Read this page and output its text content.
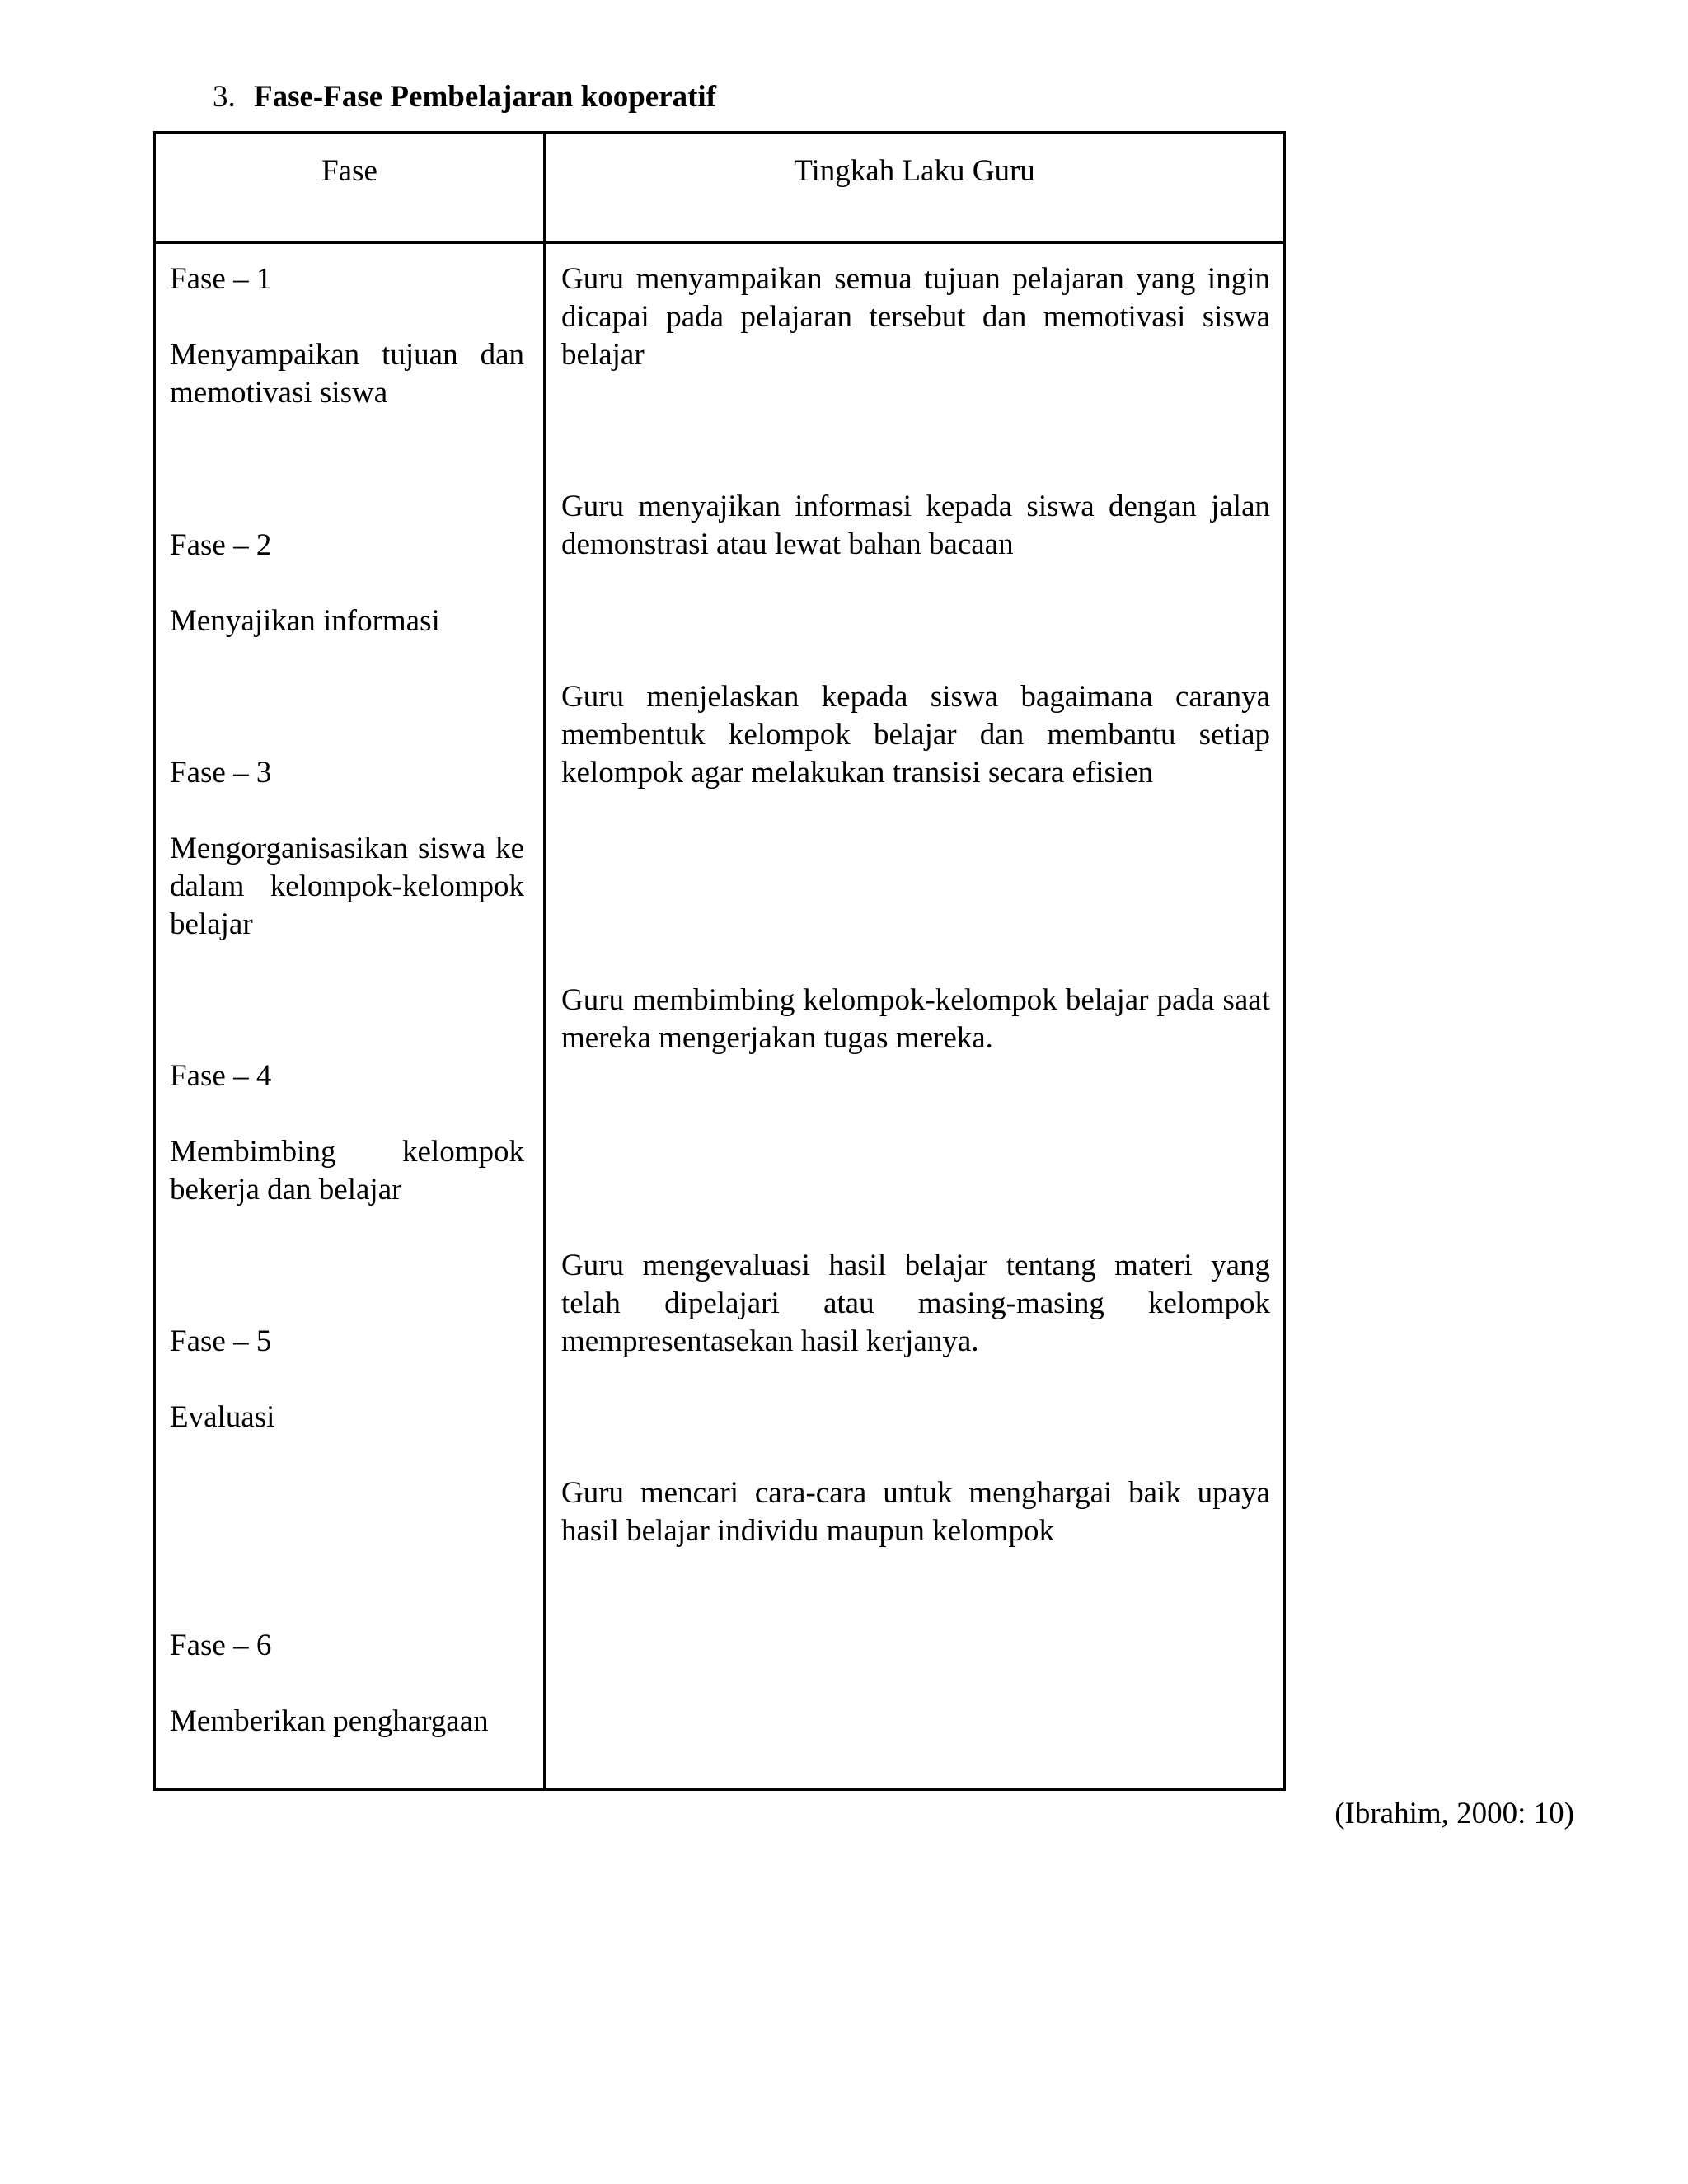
3. Fase-Fase Pembelajaran kooperatif
Fase	Tingkah Laku Guru
Fase – 1
Menyampaikan tujuan dan memotivasi siswa
Guru menyampaikan semua tujuan pelajaran yang ingin dicapai pada pelajaran tersebut dan memotivasi siswa belajar
Fase – 2
Menyajikan informasi
Guru menyajikan informasi kepada siswa dengan jalan demonstrasi atau lewat bahan bacaan
Fase – 3
Mengorganisasikan siswa ke dalam kelompok-kelompok belajar
Guru menjelaskan kepada siswa bagaimana caranya membentuk kelompok belajar dan membantu setiap kelompok agar melakukan transisi secara efisien
Fase – 4
Membimbing kelompok bekerja dan belajar
Guru membimbing kelompok-kelompok belajar pada saat mereka mengerjakan tugas mereka.
Fase – 5
Evaluasi
Guru mengevaluasi hasil belajar tentang materi yang telah dipelajari atau masing-masing kelompok mempresentasekan hasil kerjanya.
Fase – 6
Memberikan penghargaan
Guru mencari cara-cara untuk menghargai baik upaya hasil belajar individu maupun kelompok
(Ibrahim, 2000: 10)
